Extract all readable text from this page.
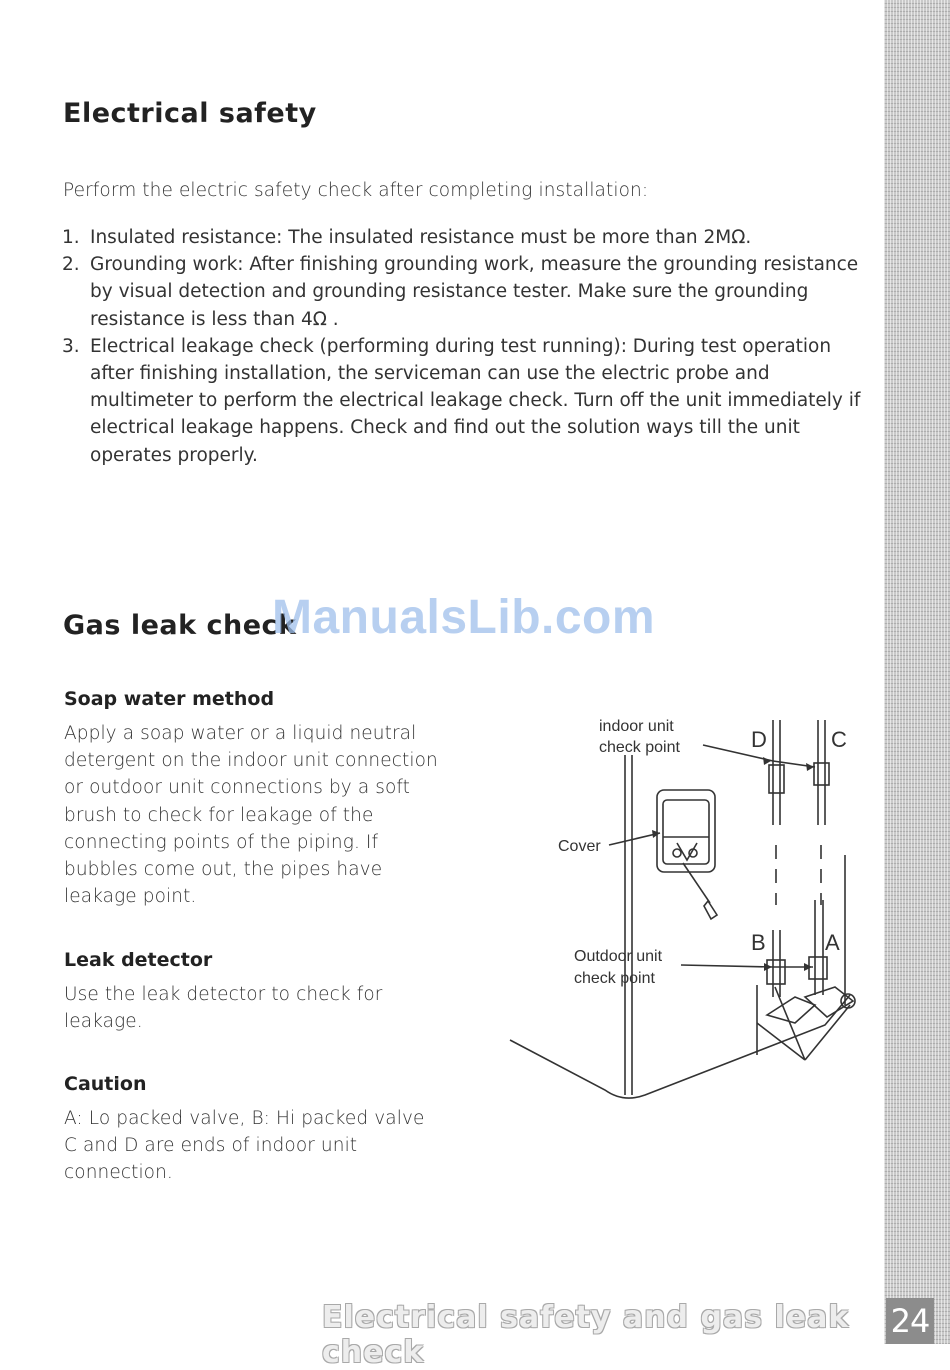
Electrical safety

Perform the electric safety check after completing installation:

1. Insulated resistance: The insulated resistance must be more than 2MΩ.
2. Grounding work: After finishing grounding work, measure the grounding resistance by visual detection and grounding resistance tester. Make sure the grounding resistance is less than 4Ω .
3. Electrical leakage check (performing during test running): During test operation after finishing installation, the serviceman can use the electric probe and multimeter to perform the electrical leakage check. Turn off the unit immediately if electrical leakage happens. Check and find out the solution ways till the unit operates properly.
Gas leak check
Soap water method

Apply a soap water or a liquid neutral detergent on the indoor unit connection or outdoor unit connections by a soft brush to check for leakage of the connecting points of the piping. If bubbles come out, the pipes have leakage point.

Leak detector

Use the leak detector to check for leakage.

Caution

A: Lo packed valve, B: Hi packed valve

C and D are ends of indoor unit connection.

indoor unit
check point
Cover
Outdoor unit
check point
D	C
B	A
ManualsLib.com
Electrical safety and gas leak check
24
